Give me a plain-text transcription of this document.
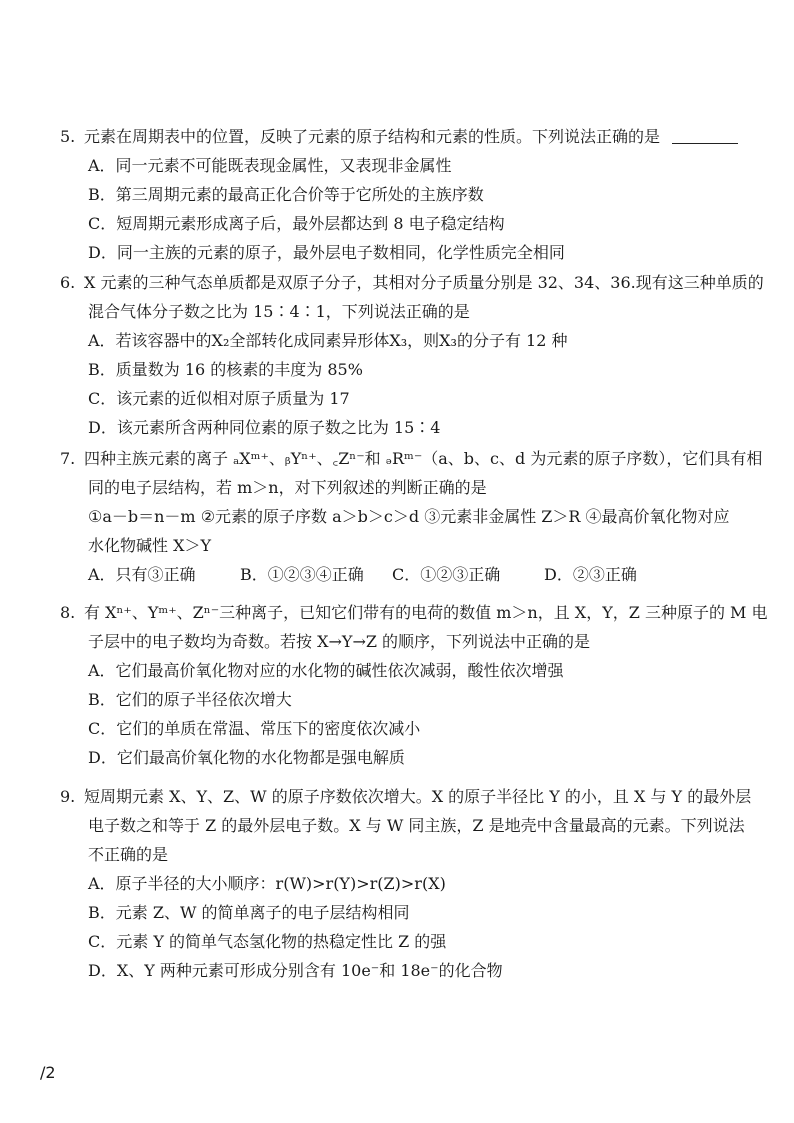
5. 元素在周期表中的位置，反映了元素的原子结构和元素的性质。下列说法正确的是
A．同一元素不可能既表现金属性，又表现非金属性
B．第三周期元素的最高正化合价等于它所处的主族序数
C．短周期元素形成离子后，最外层都达到 8 电子稳定结构
D．同一主族的元素的原子，最外层电子数相同，化学性质完全相同
6. X 元素的三种气态单质都是双原子分子，其相对分子质量分别是 32、34、36.现有这三种单质的
混合气体分子数之比为 15∶4∶1，下列说法正确的是
A．若该容器中的X₂全部转化成同素异形体X₃，则X₃的分子有 12 种
B．质量数为 16 的核素的丰度为 85%
C．该元素的近似相对原子质量为 17
D．该元素所含两种同位素的原子数之比为 15∶4
7. 四种主族元素的离子 ₐXᵐ⁺、ᵦYⁿ⁺、꜀Zⁿ⁻和 ₔRᵐ⁻（a、b、c、d 为元素的原子序数），它们具有相
同的电子层结构，若 m＞n，对下列叙述的判断正确的是
①a－b＝n－m ②元素的原子序数 a＞b＞c＞d ③元素非金属性 Z＞R ④最高价氧化物对应
水化物碱性 X＞Y
A．只有③正确	B．①②③④正确	C．①②③正确	D．②③正确
8. 有 Xⁿ⁺、Yᵐ⁺、Zⁿ⁻三种离子，已知它们带有的电荷的数值 m＞n，且 X，Y，Z 三种原子的 M 电
子层中的电子数均为奇数。若按 X→Y→Z 的顺序，下列说法中正确的是
A．它们最高价氧化物对应的水化物的碱性依次减弱，酸性依次增强
B．它们的原子半径依次增大
C．它们的单质在常温、常压下的密度依次减小
D．它们最高价氧化物的水化物都是强电解质
9. 短周期元素 X、Y、Z、W 的原子序数依次增大。X 的原子半径比 Y 的小，且 X 与 Y 的最外层
电子数之和等于 Z 的最外层电子数。X 与 W 同主族，Z 是地壳中含量最高的元素。下列说法
不正确的是
A．原子半径的大小顺序：r(W)>r(Y)>r(Z)>r(X)
B．元素 Z、W 的简单离子的电子层结构相同
C．元素 Y 的简单气态氢化物的热稳定性比 Z 的强
D．X、Y 两种元素可形成分别含有 10e⁻和 18e⁻的化合物
/2
